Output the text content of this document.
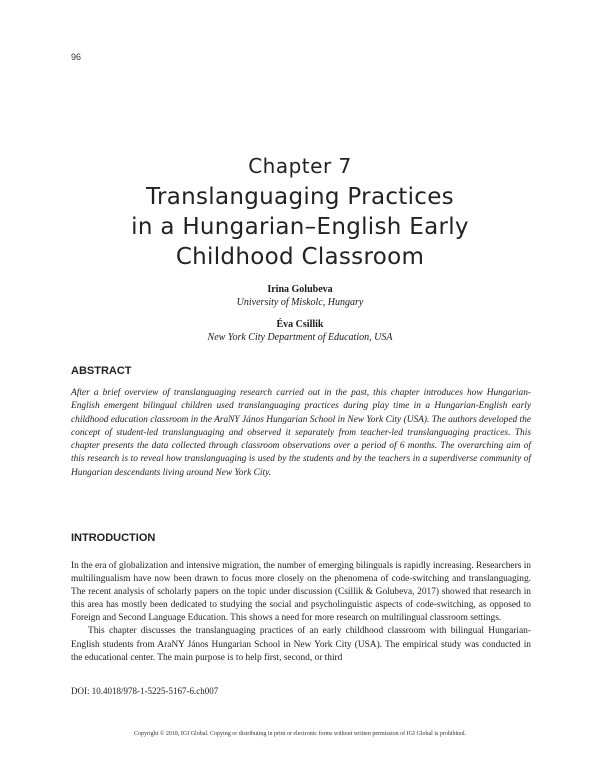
96
Chapter 7
Translanguaging Practices
in a Hungarian–English Early
Childhood Classroom
Irina Golubeva
University of Miskolc, Hungary
Éva Csillik
New York City Department of Education, USA
ABSTRACT
After a brief overview of translanguaging research carried out in the past, this chapter introduces how Hungarian-English emergent bilingual children used translanguaging practices during play time in a Hungarian-English early childhood education classroom in the AraNY János Hungarian School in New York City (USA). The authors developed the concept of student-led translanguaging and observed it separately from teacher-led translanguaging practices. This chapter presents the data collected through classroom observations over a period of 6 months. The overarching aim of this research is to reveal how translanguaging is used by the students and by the teachers in a superdiverse community of Hungarian descendants living around New York City.
INTRODUCTION

In the era of globalization and intensive migration, the number of emerging bilinguals is rapidly increasing. Researchers in multilingualism have now been drawn to focus more closely on the phenomena of code-switching and translanguaging. The recent analysis of scholarly papers on the topic under discussion (Csillik & Golubeva, 2017) showed that research in this area has mostly been dedicated to studying the social and psycholinguistic aspects of code-switching, as opposed to Foreign and Second Language Education. This shows a need for more research on multilingual classroom settings.

This chapter discusses the translanguaging practices of an early childhood classroom with bilingual Hungarian-English students from AraNY János Hungarian School in New York City (USA). The empirical study was conducted in the educational center. The main purpose is to help first, second, or third

DOI: 10.4018/978-1-5225-5167-6.ch007
Copyright © 2018, IGI Global. Copying or distributing in print or electronic forms without written permission of IGI Global is prohibited.
